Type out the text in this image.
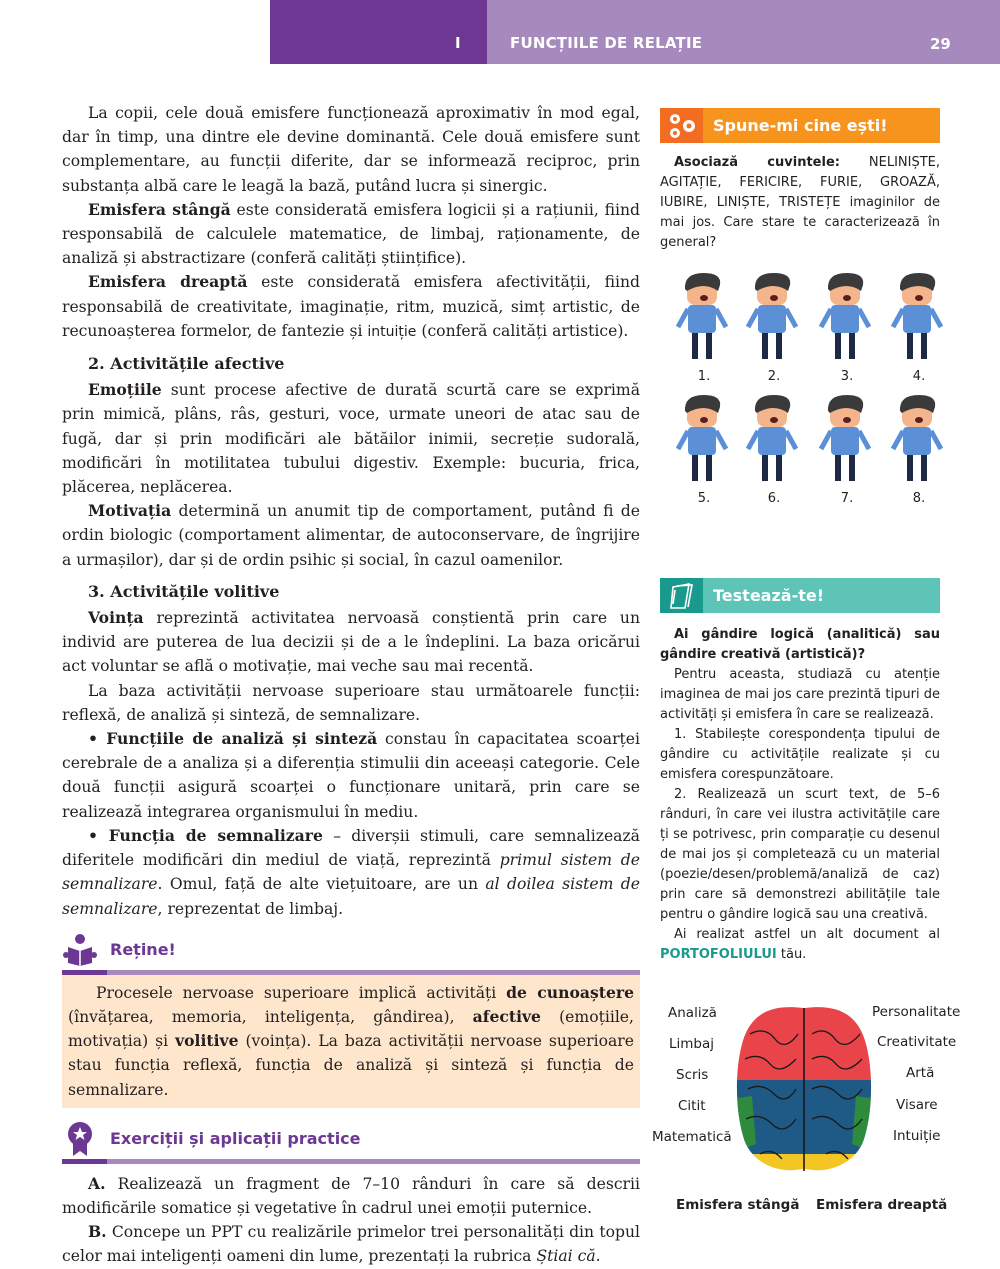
I	FUNCȚIILE DE RELAȚIE	29

La copii, cele două emisfere funcționează aproximativ în mod egal, dar în timp, una dintre ele devine dominantă. Cele două emisfere sunt complementare, au funcții diferite, dar se informează reciproc, prin substanța albă care le leagă la bază, putând lucra și sinergic.

Emisfera stângă este considerată emisfera logicii și a rațiunii, fiind responsabilă de calculele matematice, de limbaj, raționamente, de analiză și abstractizare (conferă calități științifice).

Emisfera dreaptă este considerată emisfera afectivității, fiind responsabilă de creativitate, imaginație, ritm, muzică, simț artistic, de recunoașterea formelor, de fantezie și intuiție (conferă calități artistice).

2. Activitățile afective

Emoțiile sunt procese afective de durată scurtă care se exprimă prin mimică, plâns, râs, gesturi, voce, urmate uneori de atac sau de fugă, dar și prin modificări ale bătăilor inimii, secreție sudorală, modificări în motilitatea tubului digestiv. Exemple: bucuria, frica, plăcerea, neplăcerea.

Motivația determină un anumit tip de comportament, putând fi de ordin biologic (comportament alimentar, de autoconservare, de îngrijire a urmașilor), dar și de ordin psihic și social, în cazul oamenilor.

3. Activitățile volitive

Voința reprezintă activitatea nervoasă conștientă prin care un individ are puterea de lua decizii și de a le îndeplini. La baza oricărui act voluntar se află o motivație, mai veche sau mai recentă.

La baza activității nervoase superioare stau următoarele funcții: reflexă, de analiză și sinteză, de semnalizare.

• Funcțiile de analiză și sinteză constau în capacitatea scoarței cerebrale de a analiza și a diferenția stimulii din aceeași categorie. Cele două funcții asigură scoarței o funcționare unitară, prin care se realizează integrarea organismului în mediu.

• Funcția de semnalizare – diverșii stimuli, care semnalizează diferitele modificări din mediul de viață, reprezintă primul sistem de semnalizare. Omul, față de alte viețuitoare, are un al doilea sistem de semnalizare, reprezentat de limbaj.

Reține!

Procesele nervoase superioare implică activități de cunoaștere (învățarea, memoria, inteligența, gândirea), afective (emoțiile, motivația) și volitive (voința). La baza activității nervoase superioare stau funcția reflexă, funcția de analiză și sinteză și funcția de semnalizare.

Exerciții și aplicații practice

A. Realizează un fragment de 7–10 rânduri în care să descrii modificările somatice și vegetative în cadrul unei emoții puternice.

B. Concepe un PPT cu realizările primelor trei personalități din topul celor mai inteligenți oameni din lume, prezentați la rubrica Știai că.

Spune-mi cine ești!

Asociază cuvintele: NELINIȘTE, AGITAȚIE, FERICIRE, FURIE, GROAZĂ, IUBIRE, LINIȘTE, TRISTEȚE imaginilor de mai jos. Care stare te caracterizează în general?

1.	2.	3.	4.
5.	6.	7.	8.
Testează-te!

Ai gândire logică (analitică) sau gândire creativă (artistică)?

Pentru aceasta, studiază cu atenție imaginea de mai jos care prezintă tipuri de activități și emisfera în care se realizează.

1. Stabilește corespondența tipului de gândire cu activitățile realizate și cu emisfera corespunzătoare.

2. Realizează un scurt text, de 5–6 rânduri, în care vei ilustra activitățile care ți se potrivesc, prin comparație cu desenul de mai jos și completează cu un material (poezie/desen/problemă/analiză de caz) prin care să demonstrezi abilitățile tale pentru o gândire logică sau una creativă.

Ai realizat astfel un alt document al PORTOFOLIULUI tău.

Analiză
Limbaj
Scris
Citit
Matematică
Personalitate
Creativitate
Artă
Visare
Intuiție
Emisfera stângă Emisfera dreaptă
